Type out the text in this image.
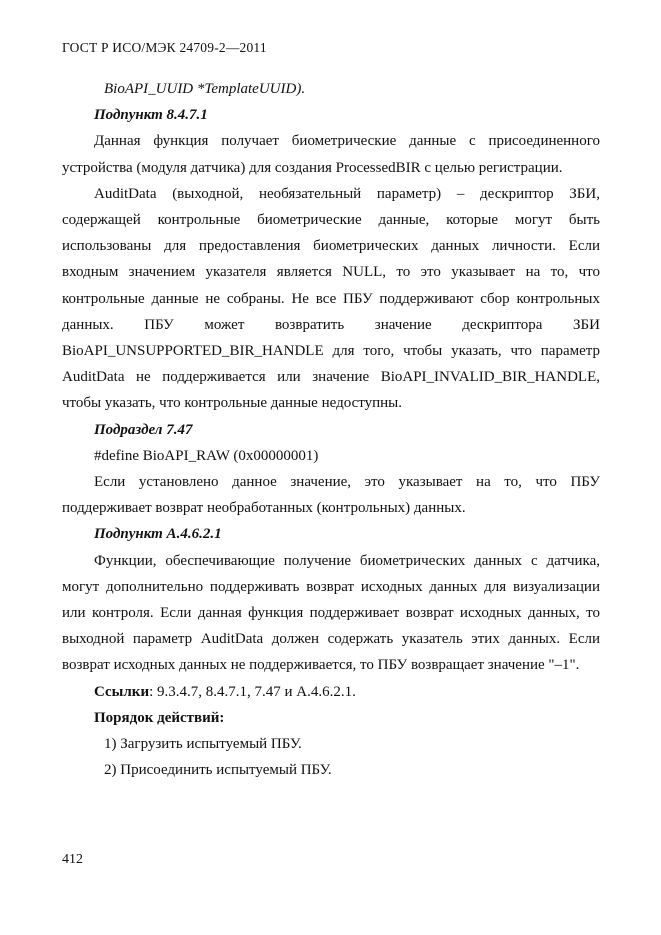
ГОСТ Р ИСО/МЭК 24709-2—2011

BioAPI_UUID *TemplateUUID).

Подпункт 8.4.7.1

Данная функция получает биометрические данные с присоединенного устройства (модуля датчика) для создания ProcessedBIR с целью регистрации.

AuditData (выходной, необязательный параметр) – дескриптор ЗБИ, содержащей контрольные биометрические данные, которые могут быть использованы для предоставления биометрических данных личности. Если входным значением указателя является NULL, то это указывает на то, что контрольные данные не собраны. Не все ПБУ поддерживают сбор контрольных данных. ПБУ может возвратить значение дескриптора ЗБИ BioAPI_UNSUPPORTED_BIR_HANDLE для того, чтобы указать, что параметр AuditData не поддерживается или значение BioAPI_INVALID_BIR_HANDLE, чтобы указать, что контрольные данные недоступны.

Подраздел 7.47

#define BioAPI_RAW (0x00000001)

Если установлено данное значение, это указывает на то, что ПБУ поддерживает возврат необработанных (контрольных) данных.

Подпункт A.4.6.2.1

Функции, обеспечивающие получение биометрических данных с датчика, могут дополнительно поддерживать возврат исходных данных для визуализации или контроля. Если данная функция поддерживает возврат исходных данных, то выходной параметр AuditData должен содержать указатель этих данных. Если возврат исходных данных не поддерживается, то ПБУ возвращает значение "–1".

Ссылки: 9.3.4.7, 8.4.7.1, 7.47 и A.4.6.2.1.

Порядок действий:

1) Загрузить испытуемый ПБУ.

2) Присоединить испытуемый ПБУ.

412
